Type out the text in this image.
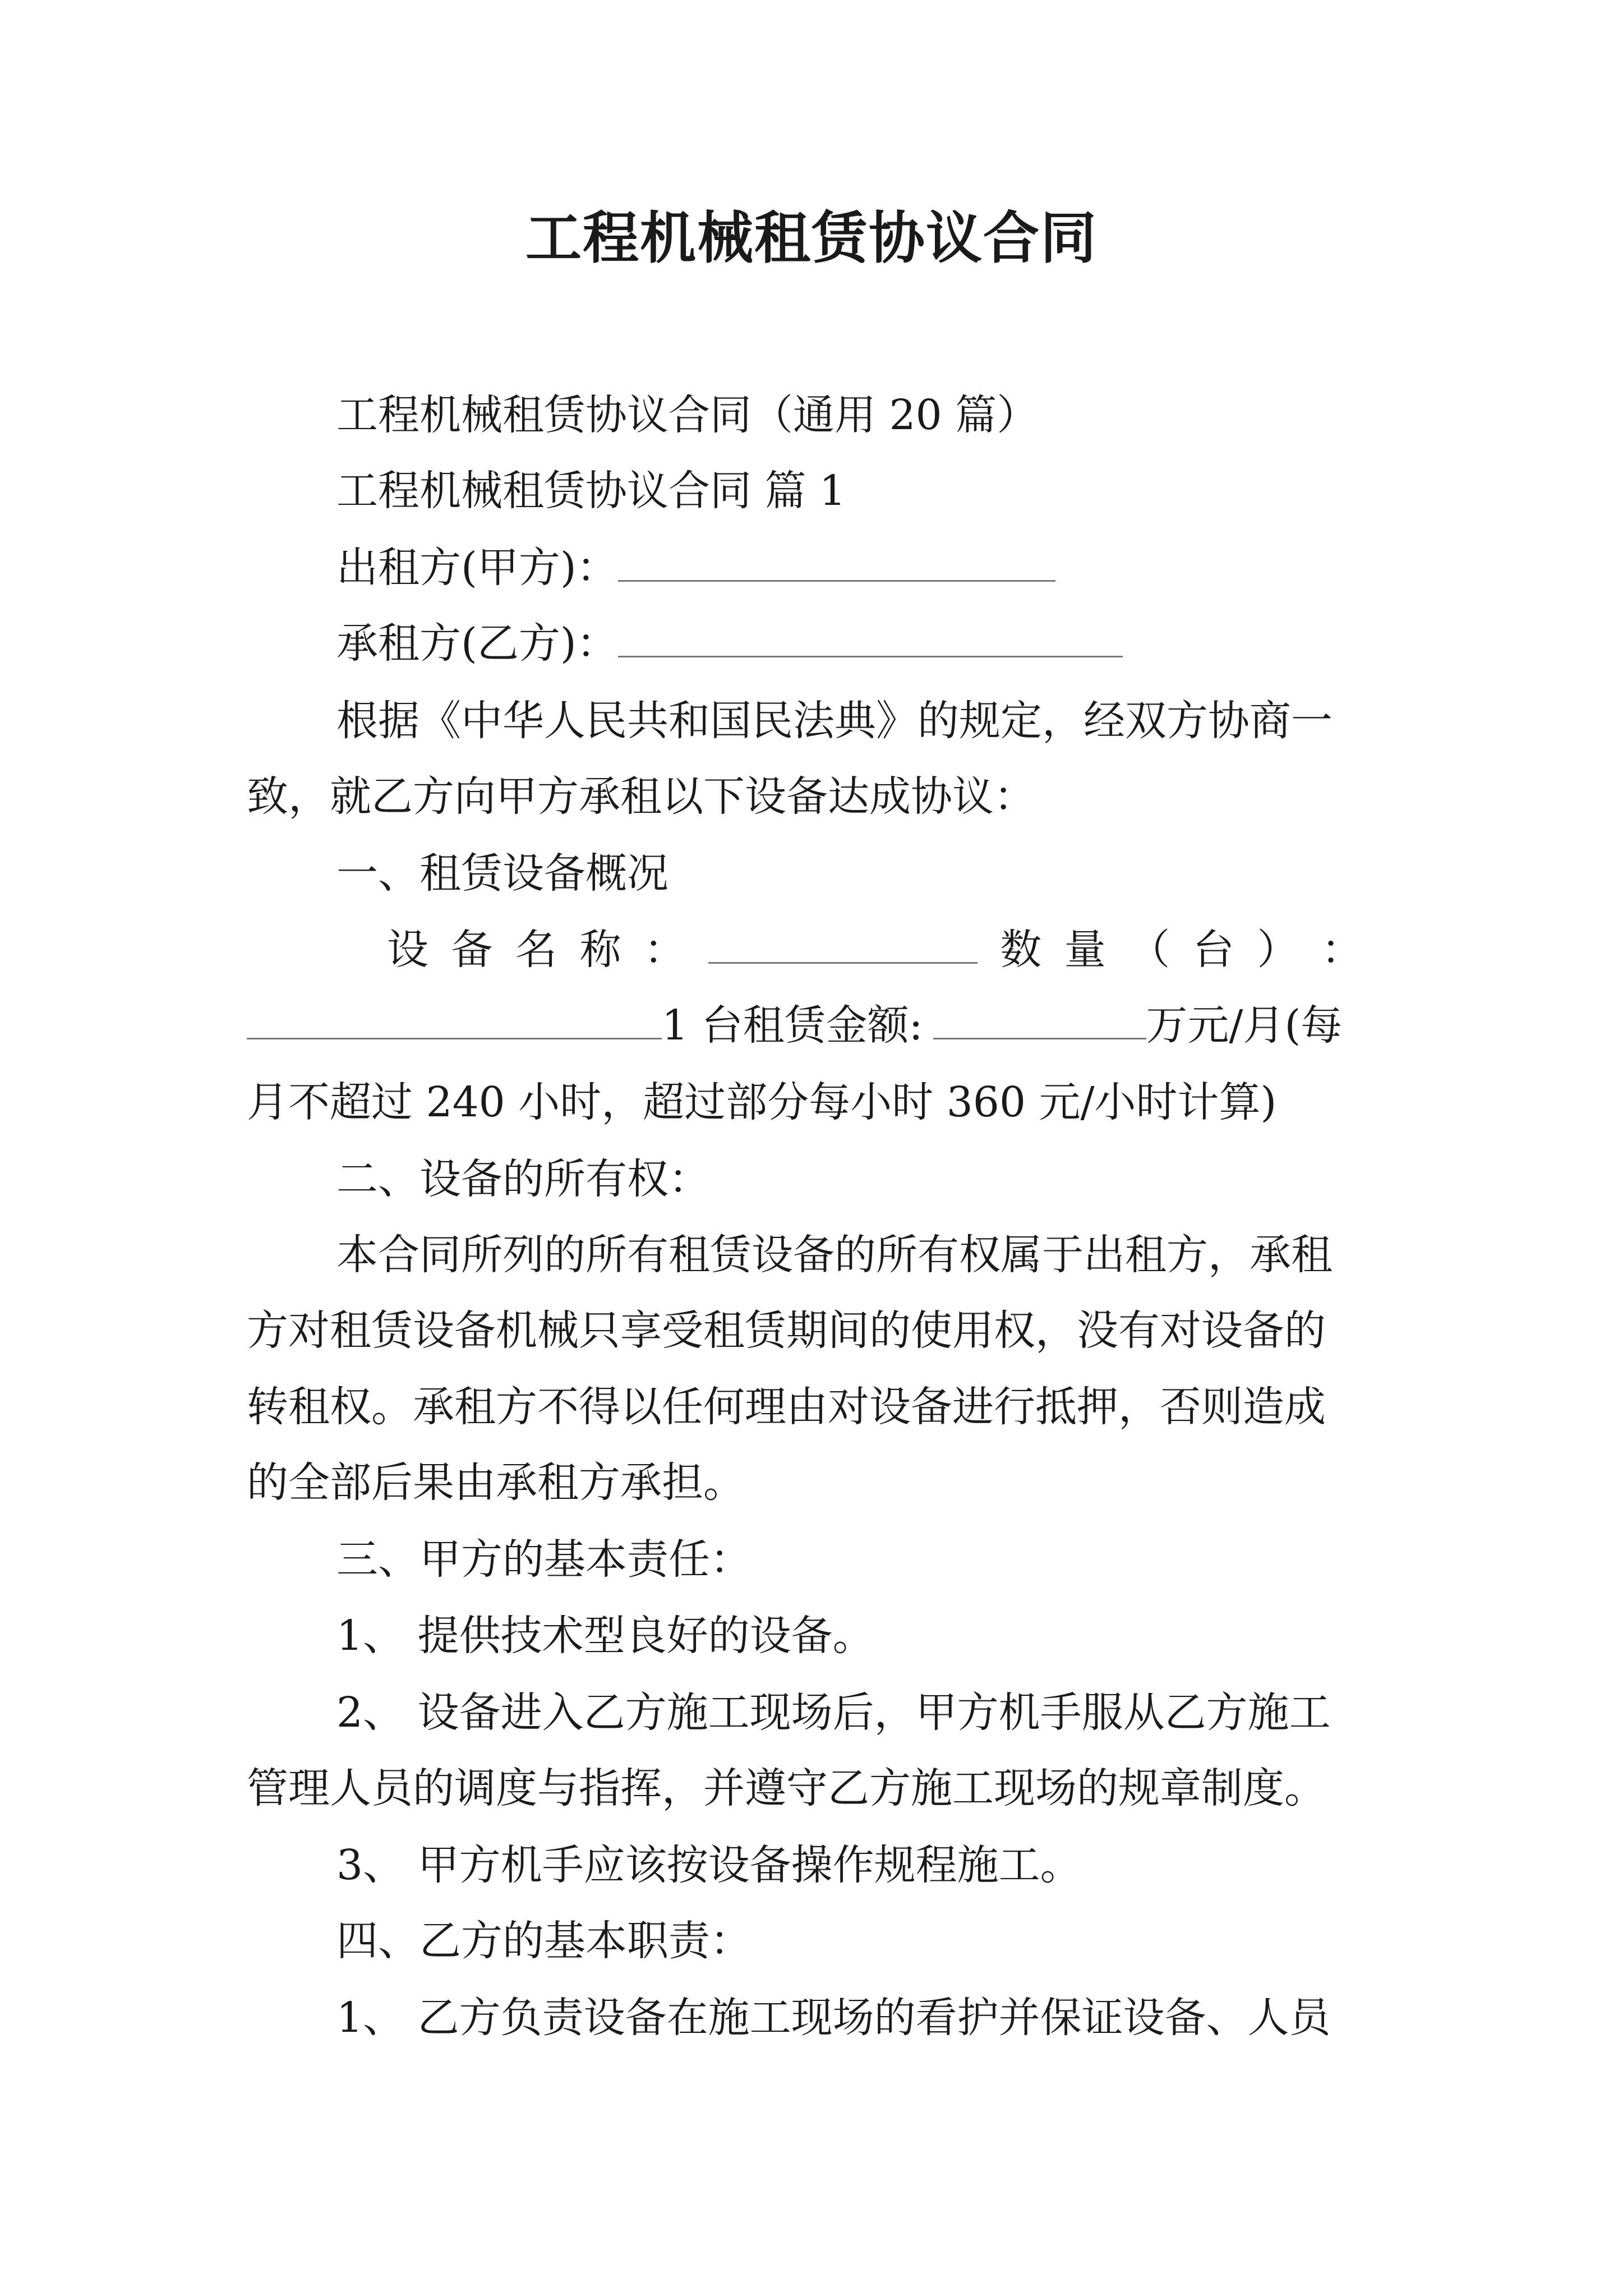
工程机械租赁协议合同
工程机械租赁协议合同（通用 20 篇）
工程机械租赁协议合同 篇 1
出租方(甲方)：
承租方(乙方)：
根据《中华人民共和国民法典》的规定，经双方协商一
致，就乙方向甲方承租以下设备达成协议：
一、租赁设备概况
设 备 名 称 ：	数 量 （ 台 ） ：
1 台租赁金额:	万元/月(每
月不超过 240 小时，超过部分每小时 360 元/小时计算)
二、设备的所有权：
本合同所列的所有租赁设备的所有权属于出租方，承租
方对租赁设备机械只享受租赁期间的使用权，没有对设备的
转租权。承租方不得以任何理由对设备进行抵押，否则造成
的全部后果由承租方承担。
三、甲方的基本责任：
1、 提供技术型良好的设备。
2、 设备进入乙方施工现场后，甲方机手服从乙方施工
管理人员的调度与指挥，并遵守乙方施工现场的规章制度。
3、 甲方机手应该按设备操作规程施工。
四、乙方的基本职责：
1、 乙方负责设备在施工现场的看护并保证设备、人员
